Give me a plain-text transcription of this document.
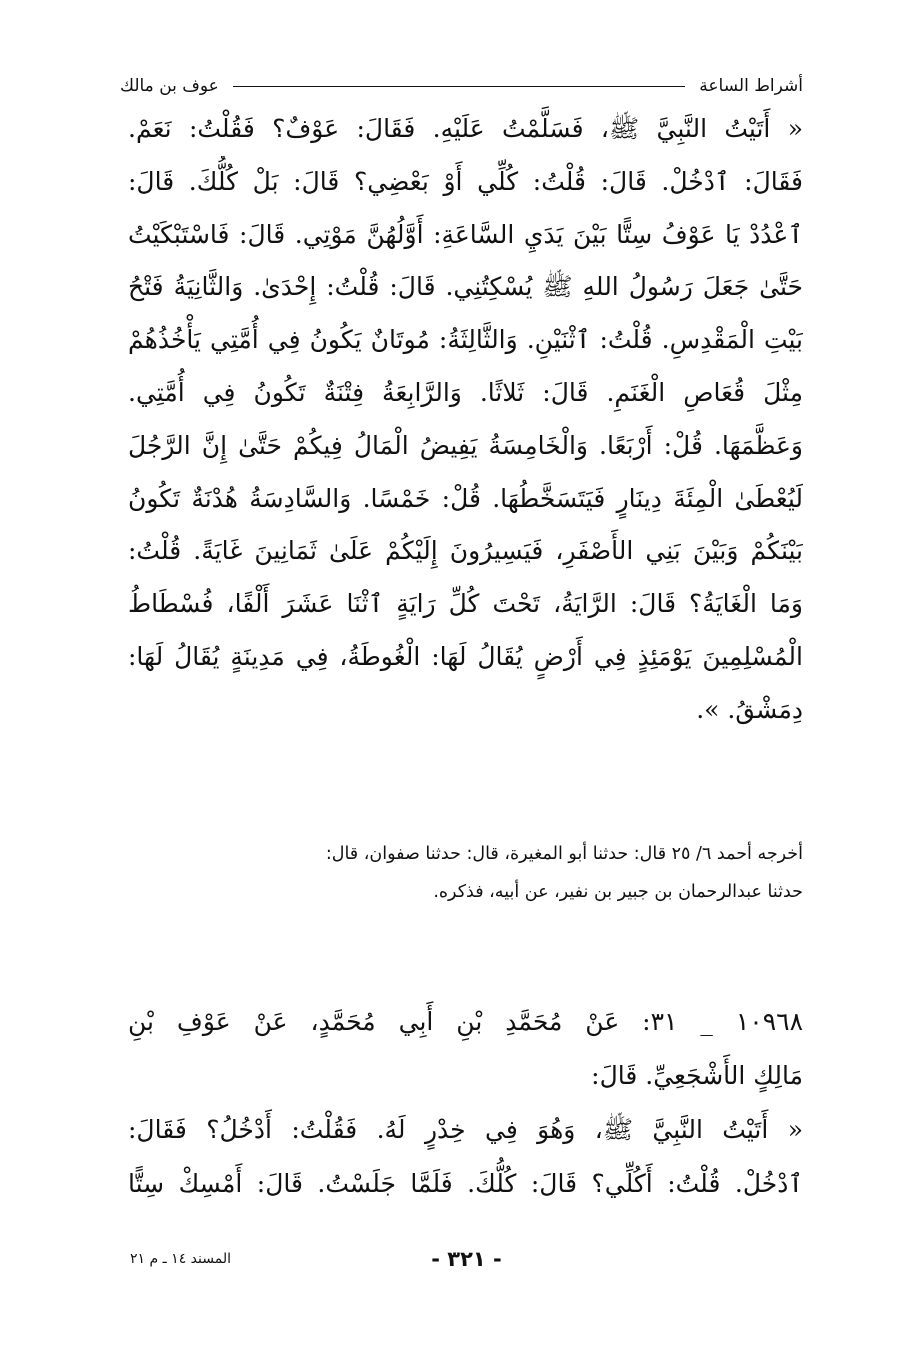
أشراط الساعة
عوف بن مالك
« أَتَيْتُ النَّبِيَّ ﷺ، فَسَلَّمْتُ عَلَيْهِ. فَقَالَ: عَوْفٌ؟ فَقُلْتُ: نَعَمْ.
فَقَالَ: ٱدْخُلْ. قَالَ: قُلْتُ: كُلِّي أَوْ بَعْضِي؟ قَالَ: بَلْ كُلُّكَ. قَالَ:
ٱعْدُدْ يَا عَوْفُ سِتًّا بَيْنَ يَدَيِ السَّاعَةِ: أَوَّلُهُنَّ مَوْتِي. قَالَ: فَاسْتَبْكَيْتُ
حَتَّىٰ جَعَلَ رَسُولُ اللهِ ﷺ يُسْكِتُنِي. قَالَ: قُلْتُ: إِحْدَىٰ. وَالثَّانِيَةُ فَتْحُ
بَيْتِ الْمَقْدِسِ. قُلْتُ: ٱثْنَيْنِ. وَالثَّالِثَةُ: مُوتَانٌ يَكُونُ فِي أُمَّتِي يَأْخُذُهُمْ
مِثْلَ قُعَاصِ الْغَنَمِ. قَالَ: ثَلاثًا. وَالرَّابِعَةُ فِتْنَةٌ تَكُونُ فِي أُمَّتِي.
وَعَظَّمَهَا. قُلْ: أَرْبَعًا. وَالْخَامِسَةُ يَفِيضُ الْمَالُ فِيكُمْ حَتَّىٰ إِنَّ الرَّجُلَ
لَيُعْطَىٰ الْمِئَةَ دِينَارٍ فَيَتَسَخَّطُهَا. قُلْ: خَمْسًا. وَالسَّادِسَةُ هُدْنَةٌ تَكُونُ
بَيْنَكُمْ وَبَيْنَ بَنِي الأَصْفَرِ، فَيَسِيرُونَ إِلَيْكُمْ عَلَىٰ ثَمَانِينَ غَايَةً. قُلْتُ:
وَمَا الْغَايَةُ؟ قَالَ: الرَّايَةُ، تَحْتَ كُلِّ رَايَةٍ ٱثْنَا عَشَرَ أَلْفًا، فُسْطَاطُ
الْمُسْلِمِينَ يَوْمَئِذٍ فِي أَرْضٍ يُقَالُ لَهَا: الْغُوطَةُ، فِي مَدِينَةٍ يُقَالُ لَهَا:
دِمَشْقُ. ».
أخرجه أحمد ٦/ ٢٥ قال: حدثنا أبو المغيرة، قال: حدثنا صفوان، قال:
حدثنا عبدالرحمان بن جبير بن نفير، عن أبيه، فذكره.
١٠٩٦٨ _ ٣١: عَنْ مُحَمَّدِ بْنِ أَبِي مُحَمَّدٍ، عَنْ عَوْفِ بْنِ
مَالِكٍ الأَشْجَعِيِّ. قَالَ:
« أَتَيْتُ النَّبِيَّ ﷺ، وَهُوَ فِي خِدْرٍ لَهُ. فَقُلْتُ: أَدْخُلُ؟ فَقَالَ:
ٱدْخُلْ. قُلْتُ: أَكُلِّي؟ قَالَ: كُلُّكَ. فَلَمَّا جَلَسْتُ. قَالَ: أَمْسِكْ سِتًّا
- ٣٢١ -
المسند ١٤ ـ م ٢١
